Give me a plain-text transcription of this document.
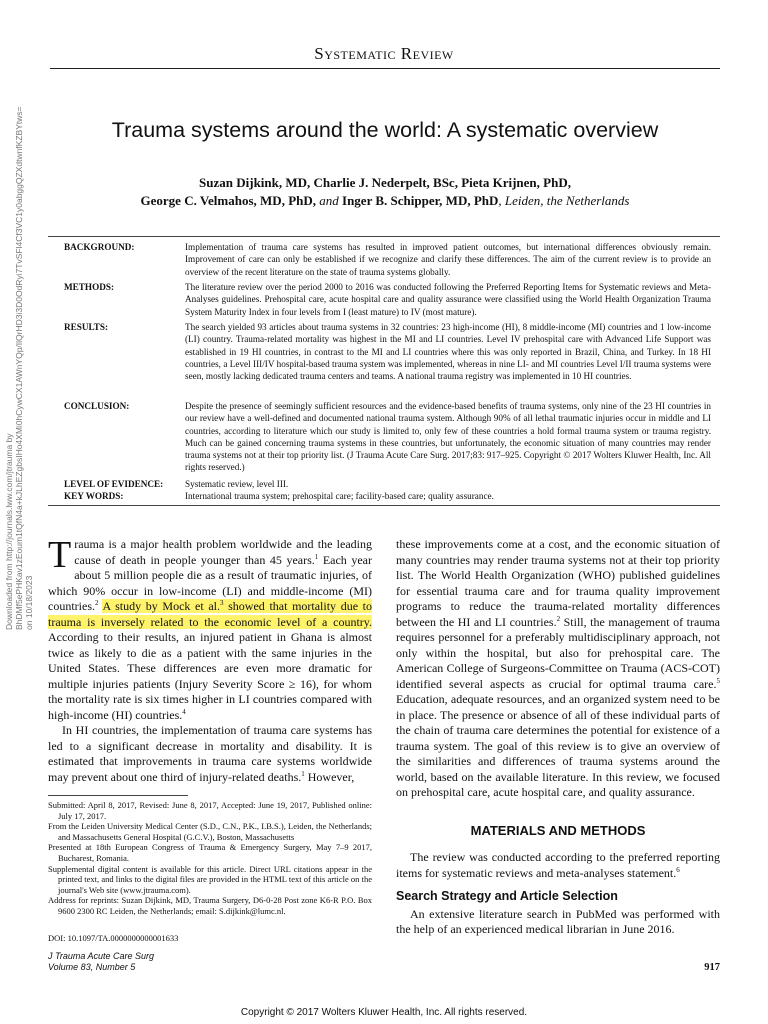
Systematic Review
Downloaded from http://journals.lww.com/jtrauma by BhDMf5ePHKav1zEoum1tQfN4a+kJLhEZgbsIHo4XMi0hCywCX1AWnYQp/IlQrHD3i3D0OdRyi7TvSFl4Cf3VC1y0abggQZXdtwnfKZBYtws= on 10/18/2023
Trauma systems around the world: A systematic overview
Suzan Dijkink, MD, Charlie J. Nederpelt, BSc, Pieta Krijnen, PhD,
George C. Velmahos, MD, PhD, and Inger B. Schipper, MD, PhD, Leiden, the Netherlands
BACKGROUND:	Implementation of trauma care systems has resulted in improved patient outcomes, but international differences obviously remain. Improvement of care can only be established if we recognize and clarify these differences. The aim of the current review is to provide an overview of the recent literature on the state of trauma systems globally.
METHODS:	The literature review over the period 2000 to 2016 was conducted following the Preferred Reporting Items for Systematic reviews and Meta-Analyses guidelines. Prehospital care, acute hospital care and quality assurance were classified using the World Health Organization Trauma System Maturity Index in four levels from I (least mature) to IV (most mature).
RESULTS:	The search yielded 93 articles about trauma systems in 32 countries: 23 high-income (HI), 8 middle-income (MI) countries and 1 low-income (LI) country. Trauma-related mortality was highest in the MI and LI countries. Level IV prehospital care with Advanced Life Support was established in 19 HI countries, in contrast to the MI and LI countries where this was only reported in Brazil, China, and Turkey. In 18 HI countries, a Level III/IV hospital-based trauma system was implemented, whereas in nine LI- and MI countries Level I/II trauma systems were seen, mostly lacking dedicated trauma centers and teams. A national trauma registry was implemented in 10 HI countries.
CONCLUSION:	Despite the presence of seemingly sufficient resources and the evidence-based benefits of trauma systems, only nine of the 23 HI countries in our review have a well-defined and documented national trauma system. Although 90% of all lethal traumatic injuries occur in middle and LI countries, according to literature which our study is limited to, only few of these countries a hold formal trauma system or trauma registry. Much can be gained concerning trauma systems in these countries, but unfortunately, the economic situation of many countries may render trauma systems not at their top priority list. (J Trauma Acute Care Surg. 2017;83: 917–925. Copyright © 2017 Wolters Kluwer Health, Inc. All rights reserved.)
LEVEL OF EVIDENCE:	Systematic review, level III.
KEY WORDS:	International trauma system; prehospital care; facility-based care; quality assurance.

Trauma is a major health problem worldwide and the leading cause of death in people younger than 45 years.$^1$ Each year about 5 million people die as a result of traumatic injuries, of which 90% occur in low-income (LI) and middle-income (MI) countries.$^2$ A study by Mock et al.$^3$ showed that mortality due to trauma is inversely related to the economic level of a country. According to their results, an injured patient in Ghana is almost twice as likely to die as a patient with the same injuries in the United States. These differences are even more dramatic for multiple injuries patients (Injury Severity Score ≥ 16), for whom the mortality rate is six times higher in LI countries compared with high-income (HI) countries.$^4$

In HI countries, the implementation of trauma care systems has led to a significant decrease in mortality and disability. It is estimated that improvements in trauma care systems worldwide may prevent about one third of injury-related deaths.$^1$ However,

Submitted: April 8, 2017, Revised: June 8, 2017, Accepted: June 19, 2017, Published online: July 17, 2017.

From the Leiden University Medical Center (S.D., C.N., P.K., I.B.S.), Leiden, the Netherlands; and Massachusetts General Hospital (G.C.V.), Boston, Massachusetts

Presented at 18th European Congress of Trauma & Emergency Surgery, May 7–9 2017, Bucharest, Romania.

Supplemental digital content is available for this article. Direct URL citations appear in the printed text, and links to the digital files are provided in the HTML text of this article on the journal's Web site (www.jtrauma.com).

Address for reprints: Suzan Dijkink, MD, Trauma Surgery, D6-0-28 Post zone K6-R P.O. Box 9600 2300 RC Leiden, the Netherlands; email: S.dijkink@lumc.nl.

DOI: 10.1097/TA.0000000000001633
J Trauma Acute Care Surg
Volume 83, Number 5

these improvements come at a cost, and the economic situation of many countries may render trauma systems not at their top priority list. The World Health Organization (WHO) published guidelines for essential trauma care and for trauma quality improvement programs to reduce the trauma-related mortality differences between the HI and LI countries.$^2$ Still, the management of trauma requires personnel for a preferably multidisciplinary approach, not only within the hospital, but also for prehospital care. The American College of Surgeons-Committee on Trauma (ACS-COT) identified several aspects as crucial for optimal trauma care.$^5$ Education, adequate resources, and an organized system need to be in place. The presence or absence of all of these individual parts of the chain of trauma care determines the potential for existence of a trauma system. The goal of this review is to give an overview of the similarities and differences of trauma systems around the world, based on the available literature. In this review, we focused on prehospital care, acute hospital care, and quality assurance.

MATERIALS AND METHODS

The review was conducted according to the preferred reporting items for systematic reviews and meta-analyses statement.$^6$

Search Strategy and Article Selection

An extensive literature search in PubMed was performed with the help of an experienced medical librarian in June 2016.

917
Copyright © 2017 Wolters Kluwer Health, Inc. All rights reserved.
